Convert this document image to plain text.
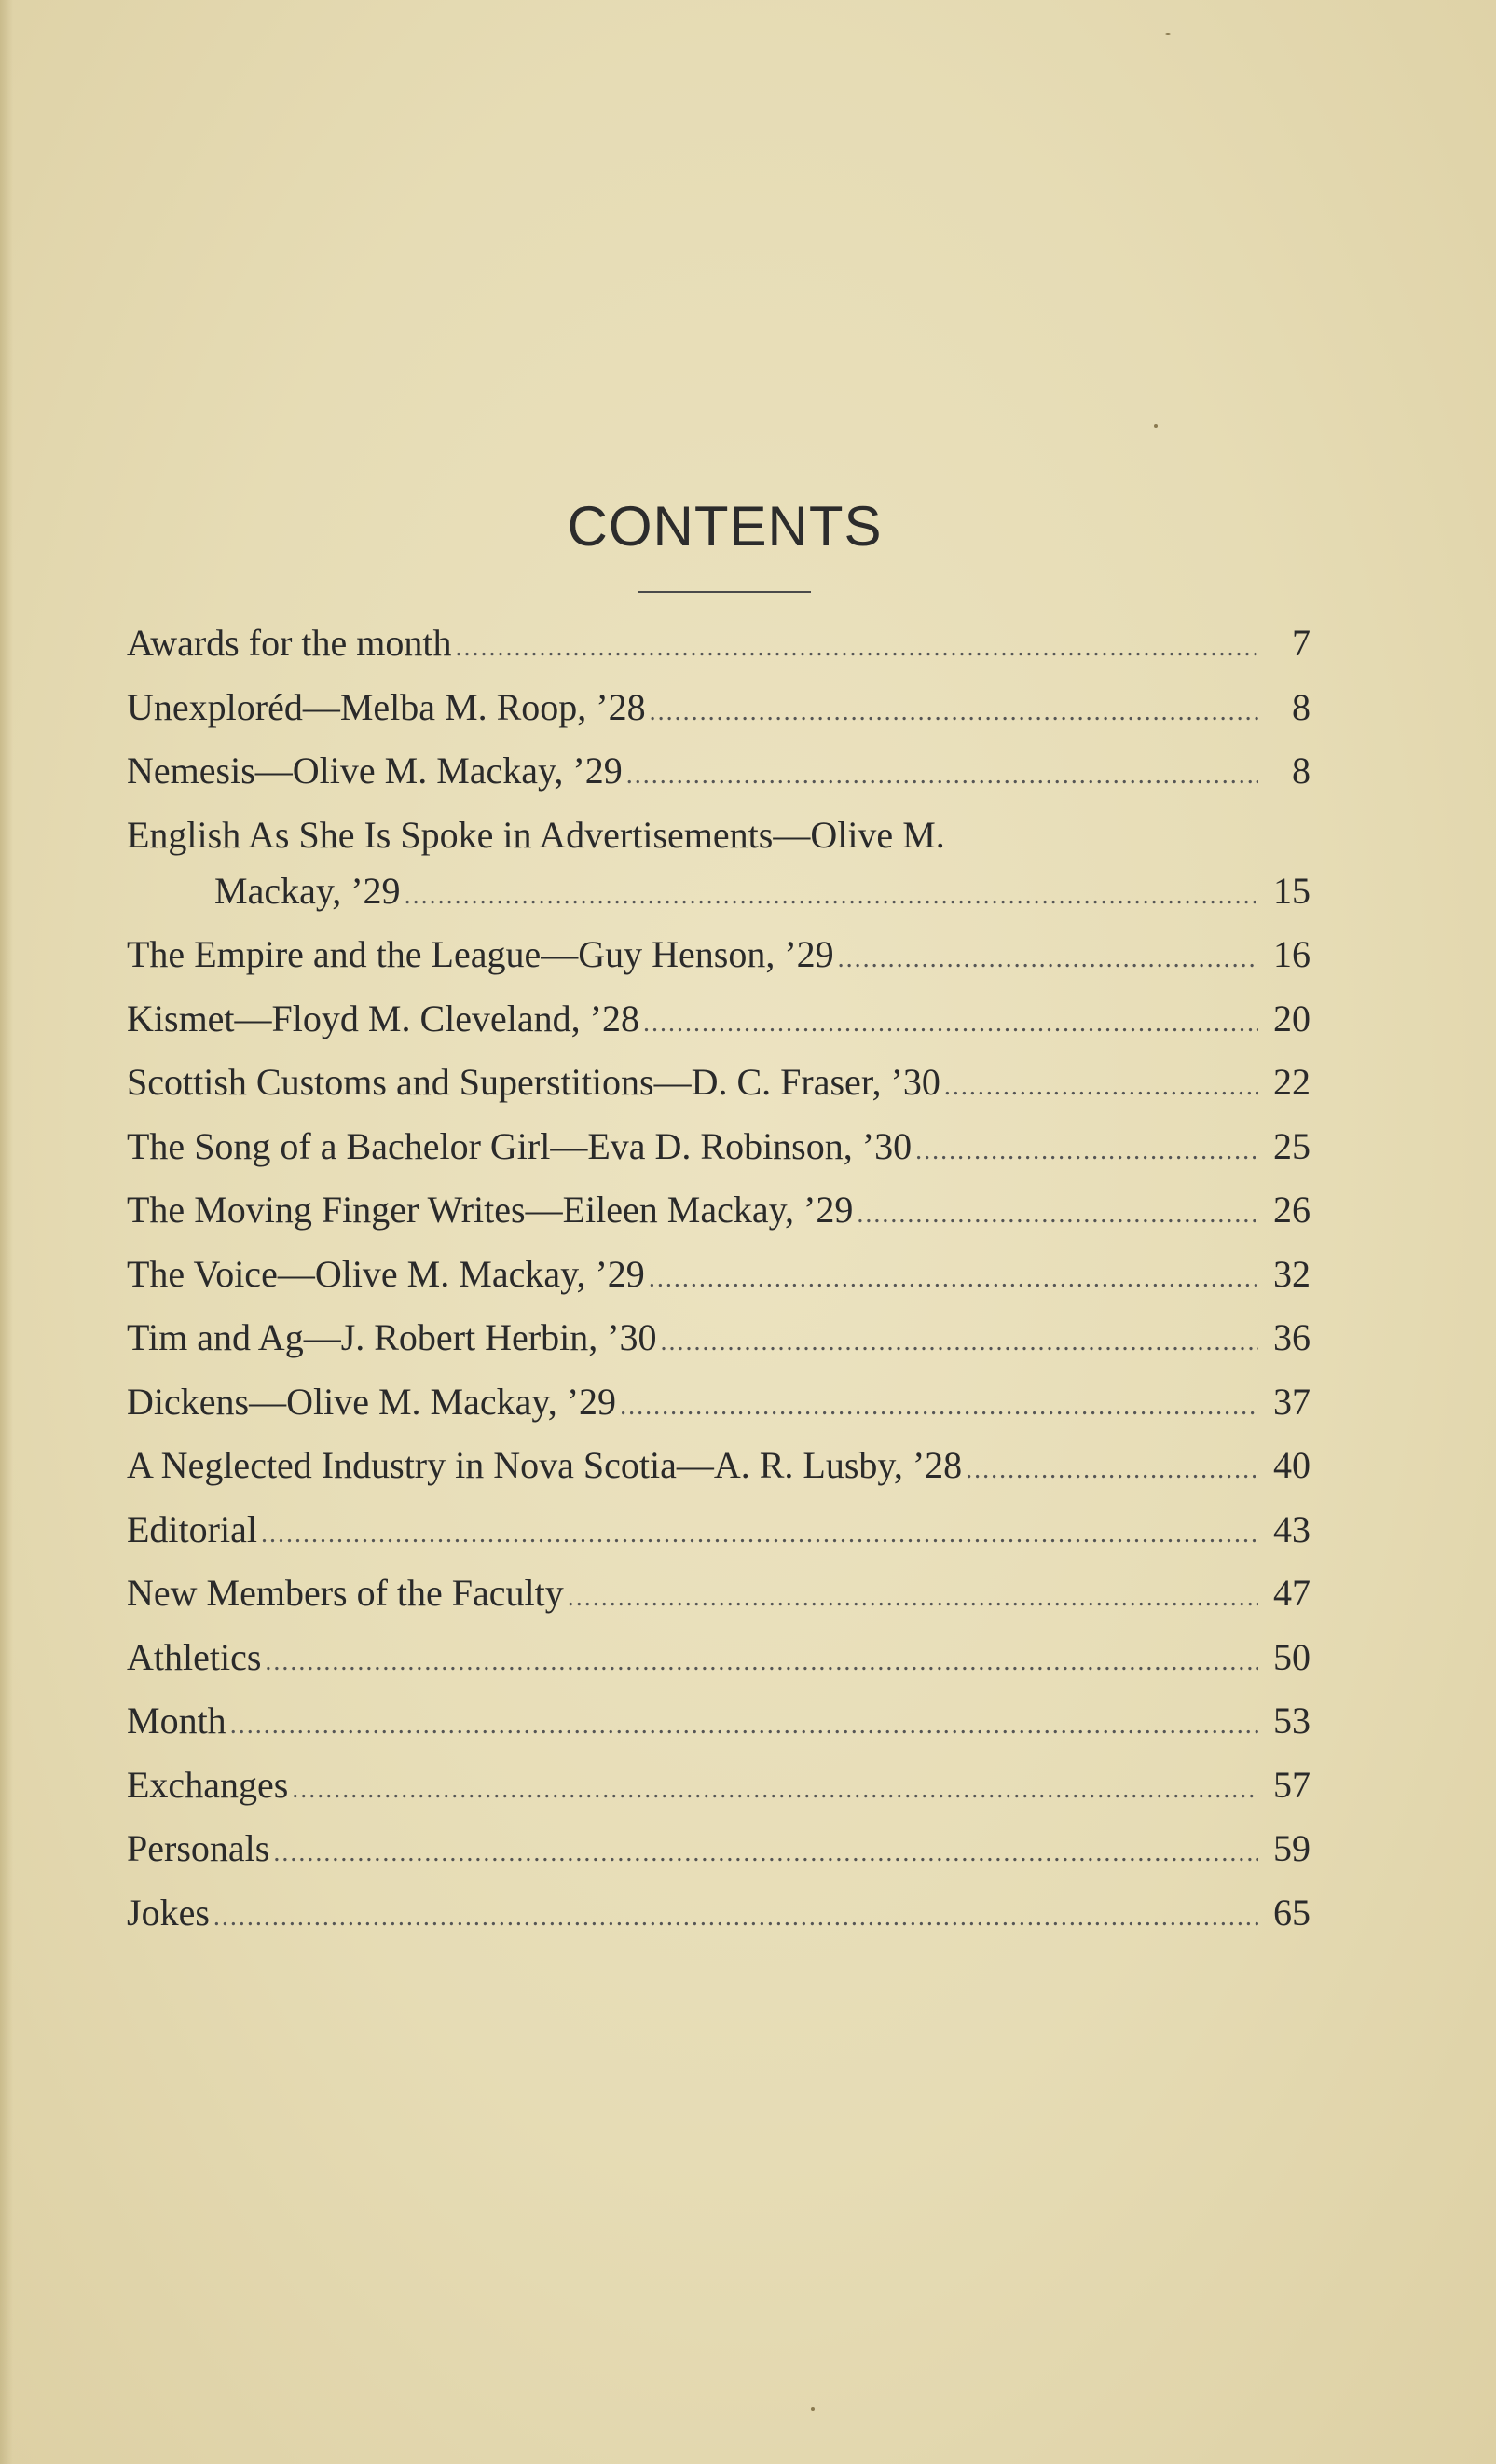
CONTENTS
Awards for the month .....	7
Unexploréd—Melba M. Roop, ’28 .....	8
Nemesis—Olive M. Mackay, ’29 .....	8
English As She Is Spoke in Advertisements—Olive M.
Mackay, ’29 .....	15
The Empire and the League—Guy Henson, ’29 .....	16
Kismet—Floyd M. Cleveland, ’28 .....	20
Scottish Customs and Superstitions—D. C. Fraser, ’30 .....	22
The Song of a Bachelor Girl—Eva D. Robinson, ’30 .....	25
The Moving Finger Writes—Eileen Mackay, ’29 .....	26
The Voice—Olive M. Mackay, ’29 .....	32
Tim and Ag—J. Robert Herbin, ’30 .....	36
Dickens—Olive M. Mackay, ’29 .....	37
A Neglected Industry in Nova Scotia—A. R. Lusby, ’28 .....	40
Editorial .....	43
New Members of the Faculty .....	47
Athletics .....	50
Month .....	53
Exchanges .....	57
Personals .....	59
Jokes .....	65
